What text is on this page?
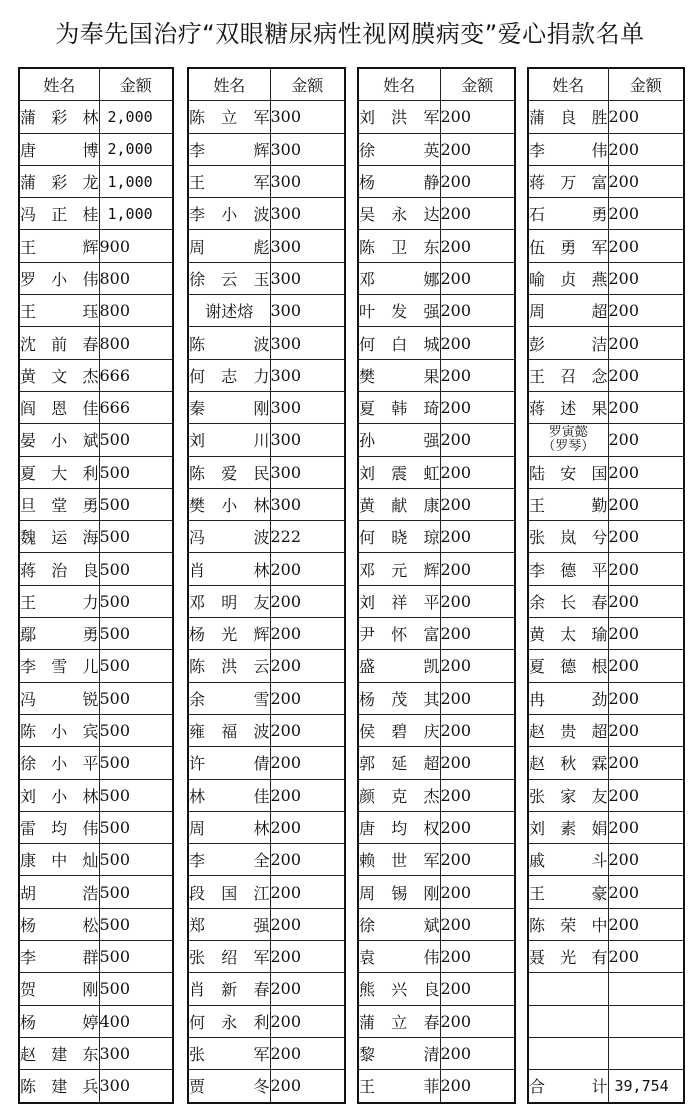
为奉先国治疗“双眼糖尿病性视网膜病变”爱心捐款名单
姓名	金额

蒲 彩 林	2,000

唐 博	2,000

蒲 彩 龙	1,000

冯 正 桂	1,000

王 辉	900

罗 小 伟	800

王 珏	800

沈 前 春	800

黄 文 杰	666

阎 恩 佳	666

晏 小 斌	500

夏 大 利	500

旦 堂 勇	500

魏 运 海	500

蒋 治 良	500

王 力	500

鄢 勇	500

李 雪 儿	500

冯 锐	500

陈 小 宾	500

徐 小 平	500

刘 小 林	500

雷 均 伟	500

康 中 灿	500

胡 浩	500

杨 松	500

李 群	500

贺 刚	500

杨 婷	400

赵 建 东	300

陈 建 兵	300
姓名	金额

陈 立 军	300

李 辉	300

王 军	300

李 小 波	300

周 彪	300

徐 云 玉	300

谢述熔	300

陈 波	300

何 志 力	300

秦 刚	300

刘 川	300

陈 爱 民	300

樊 小 林	300

冯 波	222

肖 林	200

邓 明 友	200

杨 光 辉	200

陈 洪 云	200

余 雪	200

雍 福 波	200

许 倩	200

林 佳	200

周 林	200

李 全	200

段 国 江	200

郑 强	200

张 绍 军	200

肖 新 春	200

何 永 利	200

张 军	200

贾 冬	200
姓名	金额

刘 洪 军	200

徐 英	200

杨 静	200

吴 永 达	200

陈 卫 东	200

邓 娜	200

叶 发 强	200

何 白 城	200

樊 果	200

夏 韩 琦	200

孙 强	200

刘 震 虹	200

黄 献 康	200

何 晓 琼	200

邓 元 辉	200

刘 祥 平	200

尹 怀 富	200

盛 凯	200

杨 茂 其	200

侯 碧 庆	200

郭 延 超	200

颜 克 杰	200

唐 均 权	200

赖 世 军	200

周 锡 刚	200

徐 斌	200

袁 伟	200

熊 兴 良	200

蒲 立 春	200

黎 清	200

王 菲	200
姓名	金额

蒲 良 胜	200

李 伟	200

蒋 万 富	200

石 勇	200

伍 勇 军	200

喻 贞 燕	200

周 超	200

彭 洁	200

王 召 念	200

蒋 述 果	200

罗寅懿
（罗琴）	200

陆 安 国	200

王 勤	200

张 岚 兮	200

李 德 平	200

余 长 春	200

黄 太 瑜	200

夏 德 根	200

冉 劲	200

赵 贵 超	200

赵 秋 霖	200

张 家 友	200

刘 素 娟	200

戚 斗	200

王 豪	200

陈 荣 中	200

聂 光 有	200

合 计	39,754
